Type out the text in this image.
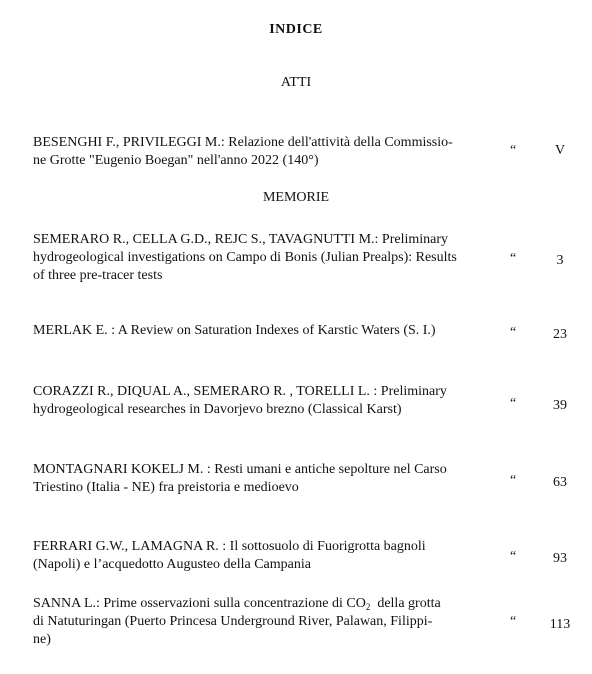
INDICE
ATTI
BESENGHI F., PRIVILEGGI M.: Relazione dell'attività della Commissio-
ne Grotte "Eugenio Boegan" nell'anno 2022 (140°)
“	V
MEMORIE
SEMERARO R., CELLA G.D., REJC S., TAVAGNUTTI M.: Preliminary
hydrogeological investigations on Campo di Bonis (Julian Prealps): Results
of three pre-tracer tests
“	3
MERLAK E. : A Review on Saturation Indexes of Karstic Waters (S. I.)	“	23
CORAZZI R., DIQUAL A., SEMERARO R. , TORELLI L. : Preliminary
hydrogeological researches in Davorjevo brezno (Classical Karst)	“	39
MONTAGNARI KOKELJ M. : Resti umani e antiche sepolture nel Carso
Triestino (Italia - NE) fra preistoria e medioevo	“	63
FERRARI G.W., LAMAGNA R. : Il sottosuolo di Fuorigrotta bagnoli
(Napoli) e l’acquedotto Augusteo della Campania
“	93
SANNA L.: Prime osservazioni sulla concentrazione di $CO_2$  della grotta
di Natuturingan (Puerto Princesa Underground River, Palawan, Filippi-
ne)
“	113
